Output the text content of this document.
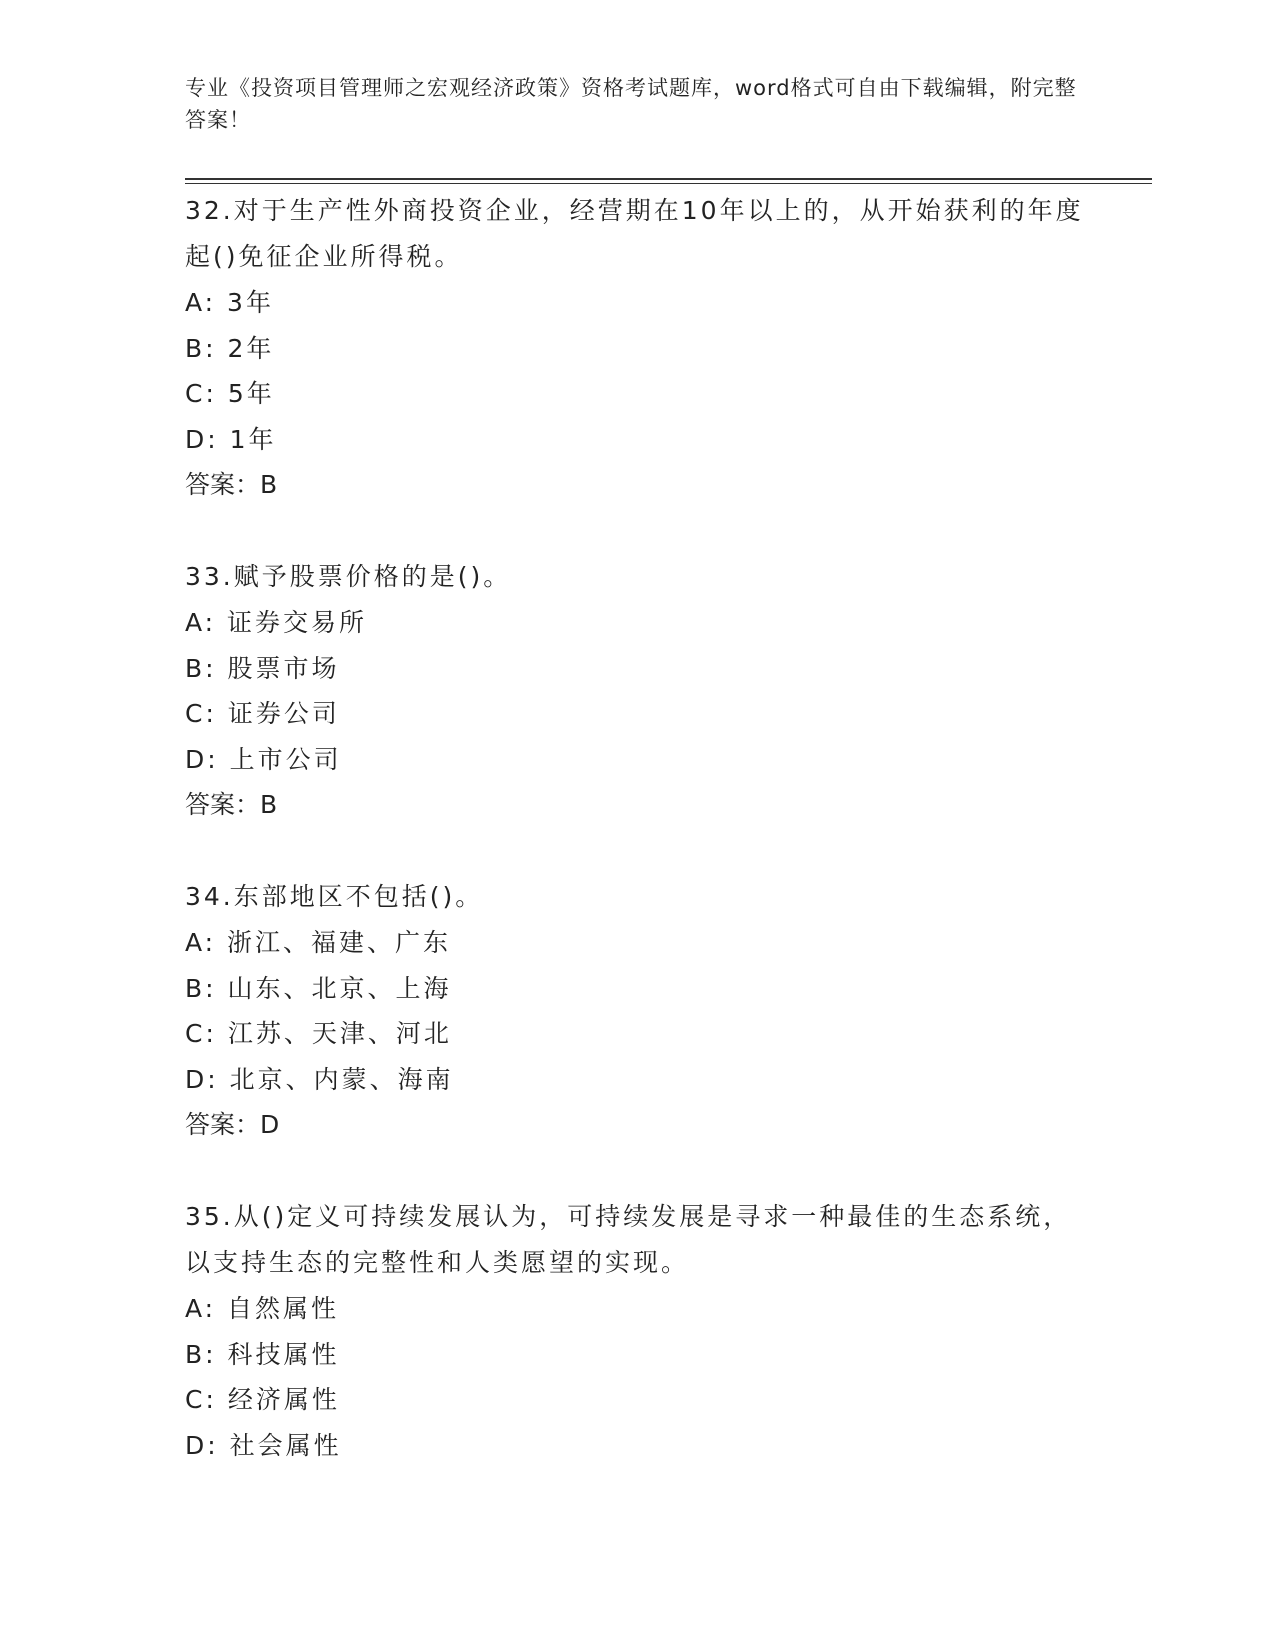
专业《投资项目管理师之宏观经济政策》资格考试题库，word格式可自由下载编辑，附完整答案！
32.对于生产性外商投资企业，经营期在10年以上的，从开始获利的年度起()免征企业所得税。
A: 3年
B: 2年
C: 5年
D: 1年
答案：B
33.赋予股票价格的是()。
A: 证券交易所
B: 股票市场
C: 证券公司
D: 上市公司
答案：B
34.东部地区不包括()。
A: 浙江、福建、广东
B: 山东、北京、上海
C: 江苏、天津、河北
D: 北京、内蒙、海南
答案：D
35.从()定义可持续发展认为，可持续发展是寻求一种最佳的生态系统，以支持生态的完整性和人类愿望的实现。
A: 自然属性
B: 科技属性
C: 经济属性
D: 社会属性
